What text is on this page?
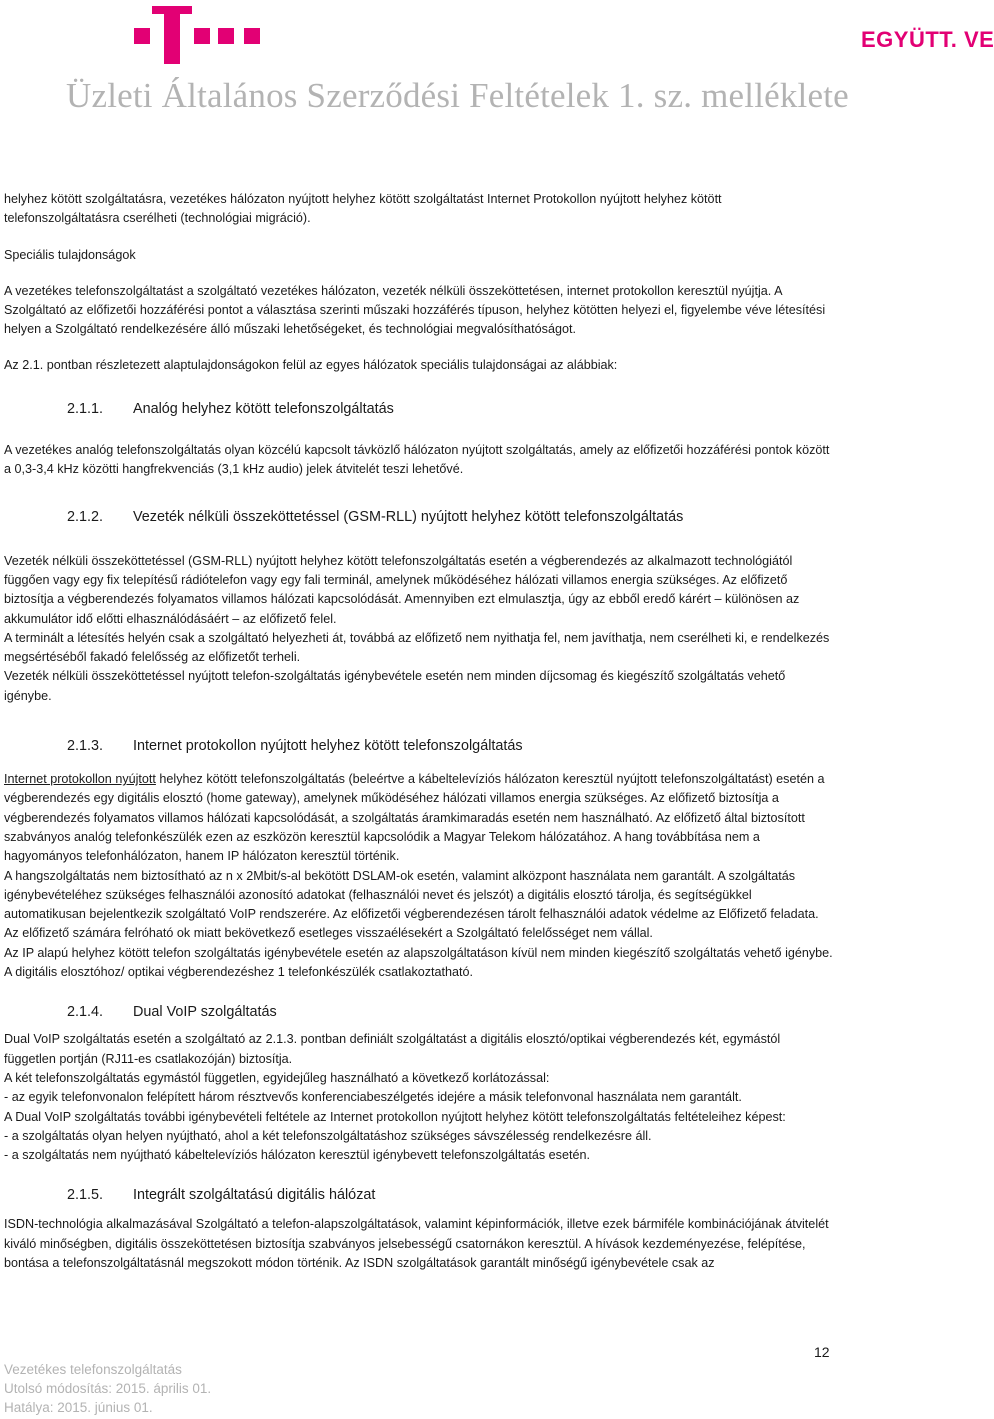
EGYÜTT. VE
Üzleti Általános Szerződési Feltételek 1. sz. melléklete

helyhez kötött szolgáltatásra, vezetékes hálózaton nyújtott helyhez kötött szolgáltatást Internet Protokollon nyújtott helyhez kötött telefonszolgáltatásra cserélheti (technológiai migráció).

Speciális tulajdonságok

A vezetékes telefonszolgáltatást a szolgáltató vezetékes hálózaton, vezeték nélküli összeköttetésen, internet protokollon keresztül nyújtja. A Szolgáltató az előfizetői hozzáférési pontot a választása szerinti műszaki hozzáférés típuson, helyhez kötötten helyezi el, figyelembe véve létesítési helyen a Szolgáltató rendelkezésére álló műszaki lehetőségeket, és technológiai megvalósíthatóságot.

Az 2.1. pontban részletezett alaptulajdonságokon felül az egyes hálózatok speciális tulajdonságai az alábbiak:

2.1.1.	Analóg helyhez kötött telefonszolgáltatás

A vezetékes analóg telefonszolgáltatás olyan közcélú kapcsolt távközlő hálózaton nyújtott szolgáltatás, amely az előfizetői hozzáférési pontok között a 0,3-3,4 kHz közötti hangfrekvenciás (3,1 kHz audio) jelek átvitelét teszi lehetővé.

2.1.2.	Vezeték nélküli összeköttetéssel (GSM-RLL) nyújtott helyhez kötött telefonszolgáltatás

Vezeték nélküli összeköttetéssel (GSM-RLL) nyújtott helyhez kötött telefonszolgáltatás esetén a végberendezés az alkalmazott technológiától függően vagy egy fix telepítésű rádiótelefon vagy egy fali terminál, amelynek működéséhez hálózati villamos energia szükséges. Az előfizető biztosítja a végberendezés folyamatos villamos hálózati kapcsolódását. Amennyiben ezt elmulasztja, úgy az ebből eredő kárért – különösen az akkumulátor idő előtti elhasználódásáért – az előfizető felel.

A terminált a létesítés helyén csak a szolgáltató helyezheti át, továbbá az előfizető nem nyithatja fel, nem javíthatja, nem cserélheti ki, e rendelkezés megsértéséből fakadó felelősség az előfizetőt terheli.

Vezeték nélküli összeköttetéssel nyújtott telefon-szolgáltatás igénybevétele esetén nem minden díjcsomag és kiegészítő szolgáltatás vehető igénybe.

2.1.3.	Internet protokollon nyújtott helyhez kötött telefonszolgáltatás

Internet protokollon nyújtott helyhez kötött telefonszolgáltatás (beleértve a kábeltelevíziós hálózaton keresztül nyújtott telefonszolgáltatást) esetén a végberendezés egy digitális elosztó (home gateway), amelynek működéséhez hálózati villamos energia szükséges. Az előfizető biztosítja a végberendezés folyamatos villamos hálózati kapcsolódását, a szolgáltatás áramkimaradás esetén nem használható. Az előfizető által biztosított szabványos analóg telefonkészülék ezen az eszközön keresztül kapcsolódik a Magyar Telekom hálózatához. A hang továbbítása nem a hagyományos telefonhálózaton, hanem IP hálózaton keresztül történik.

A hangszolgáltatás nem biztosítható az n x 2Mbit/s-al bekötött DSLAM-ok esetén, valamint alközpont használata nem garantált. A szolgáltatás igénybevételéhez szükséges felhasználói azonosító adatokat (felhasználói nevet és jelszót) a digitális elosztó tárolja, és segítségükkel automatikusan bejelentkezik szolgáltató VoIP rendszerére. Az előfizetői végberendezésen tárolt felhasználói adatok védelme az Előfizető feladata. Az előfizető számára felróható ok miatt bekövetkező esetleges visszaélésekért a Szolgáltató felelősséget nem vállal.

Az IP alapú helyhez kötött telefon szolgáltatás igénybevétele esetén az alapszolgáltatáson kívül nem minden kiegészítő szolgáltatás vehető igénybe. A digitális elosztóhoz/ optikai végberendezéshez 1 telefonkészülék csatlakoztatható.

2.1.4.	Dual VoIP szolgáltatás

Dual VoIP szolgáltatás esetén a szolgáltató az 2.1.3. pontban definiált szolgáltatást a digitális elosztó/optikai végberendezés két, egymástól független portján (RJ11-es csatlakozóján) biztosítja.

A két telefonszolgáltatás egymástól független, egyidejűleg használható a következő korlátozással:

- az egyik telefonvonalon felépített három résztvevős konferenciabeszélgetés idejére a másik telefonvonal használata nem garantált.

A Dual VoIP szolgáltatás további igénybevételi feltétele az Internet protokollon nyújtott helyhez kötött telefonszolgáltatás feltételeihez képest:

- a szolgáltatás olyan helyen nyújtható, ahol a két telefonszolgáltatáshoz szükséges sávszélesség rendelkezésre áll.

- a szolgáltatás nem nyújtható kábeltelevíziós hálózaton keresztül igénybevett telefonszolgáltatás esetén.

2.1.5.	Integrált szolgáltatású digitális hálózat

ISDN-technológia alkalmazásával Szolgáltató a telefon-alapszolgáltatások, valamint képinformációk, illetve ezek bármiféle kombinációjának átvitelét kiváló minőségben, digitális összeköttetésen biztosítja szabványos jelsebességű csatornákon keresztül. A hívások kezdeményezése, felépítése, bontása a telefonszolgáltatásnál megszokott módon történik. Az ISDN szolgáltatások garantált minőségű igénybevétele csak az

12
Vezetékes telefonszolgáltatás
Utolsó módosítás: 2015. április 01.
Hatálya: 2015. június 01.
